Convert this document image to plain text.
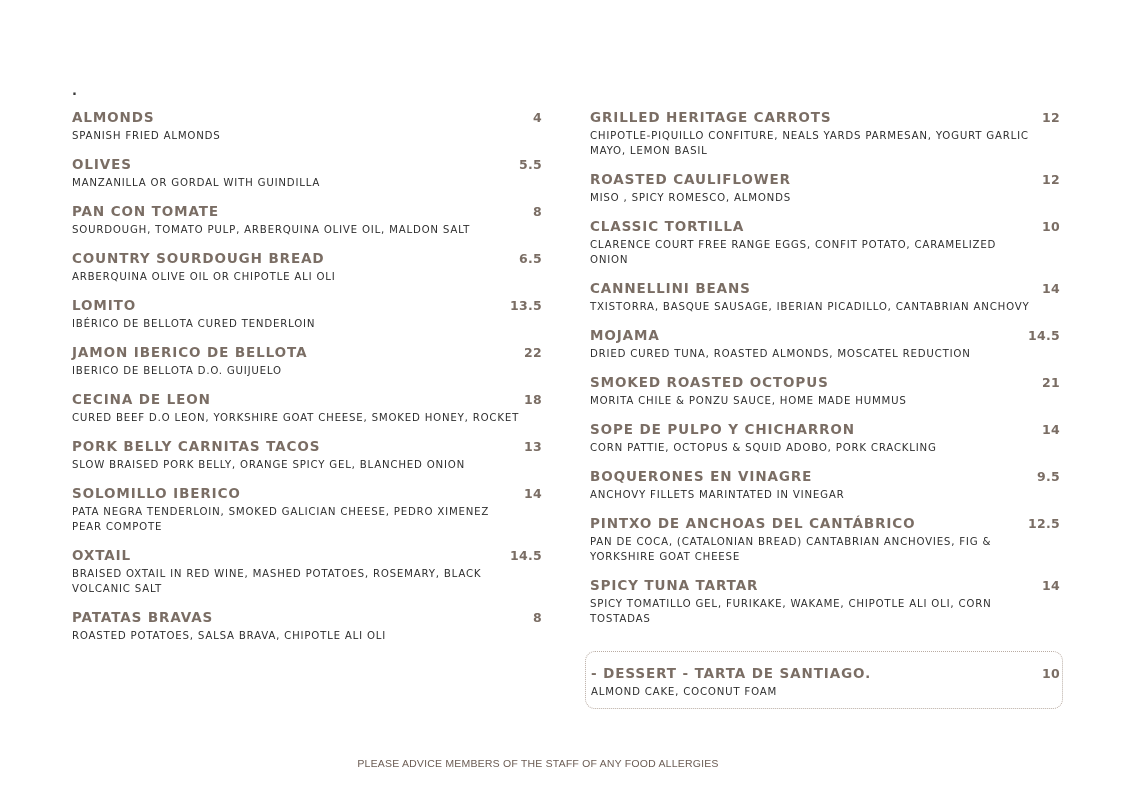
.
ALMONDS	4
SPANISH FRIED ALMONDS
OLIVES	5.5
MANZANILLA OR GORDAL WITH GUINDILLA
PAN CON TOMATE	8
SOURDOUGH, TOMATO PULP, ARBERQUINA OLIVE OIL, MALDON SALT
COUNTRY SOURDOUGH BREAD	6.5
ARBERQUINA OLIVE OIL OR CHIPOTLE ALI OLI
LOMITO	13.5
IBÉRICO DE BELLOTA CURED TENDERLOIN
JAMON IBERICO DE BELLOTA	22
IBERICO DE BELLOTA D.O. GUIJUELO
CECINA DE LEON	18
CURED BEEF D.O LEON, YORKSHIRE GOAT CHEESE, SMOKED HONEY, ROCKET
PORK BELLY CARNITAS TACOS	13
SLOW BRAISED PORK BELLY, ORANGE SPICY GEL, BLANCHED ONION
SOLOMILLO IBERICO	14
PATA NEGRA TENDERLOIN, SMOKED GALICIAN CHEESE, PEDRO XIMENEZ PEAR COMPOTE
OXTAIL	14.5
BRAISED OXTAIL IN RED WINE, MASHED POTATOES, ROSEMARY, BLACK VOLCANIC SALT
PATATAS BRAVAS	8
ROASTED POTATOES, SALSA BRAVA, CHIPOTLE ALI OLI
GRILLED HERITAGE CARROTS	12
CHIPOTLE-PIQUILLO CONFITURE, NEALS YARDS PARMESAN, YOGURT GARLIC MAYO, LEMON BASIL
ROASTED CAULIFLOWER	12
MISO , SPICY ROMESCO, ALMONDS
CLASSIC TORTILLA	10
CLARENCE COURT FREE RANGE EGGS, CONFIT POTATO, CARAMELIZED ONION
CANNELLINI BEANS	14
TXISTORRA, BASQUE SAUSAGE, IBERIAN PICADILLO, CANTABRIAN ANCHOVY
MOJAMA	14.5
DRIED CURED TUNA, ROASTED ALMONDS, MOSCATEL REDUCTION
SMOKED ROASTED OCTOPUS	21
MORITA CHILE & PONZU SAUCE, HOME MADE HUMMUS
SOPE DE PULPO Y CHICHARRON	14
CORN PATTIE, OCTOPUS & SQUID ADOBO, PORK CRACKLING
BOQUERONES EN VINAGRE	9.5
ANCHOVY FILLETS MARINTATED IN VINEGAR
PINTXO DE ANCHOAS DEL CANTÁBRICO	12.5
PAN DE COCA, (CATALONIAN BREAD) CANTABRIAN ANCHOVIES, FIG & YORKSHIRE GOAT CHEESE
SPICY TUNA TARTAR	14
SPICY TOMATILLO GEL, FURIKAKE, WAKAME, CHIPOTLE ALI OLI, CORN TOSTADAS
- DESSERT - TARTA DE SANTIAGO.	10
ALMOND CAKE, COCONUT FOAM
PLEASE ADVICE MEMBERS OF THE STAFF OF ANY FOOD ALLERGIES
